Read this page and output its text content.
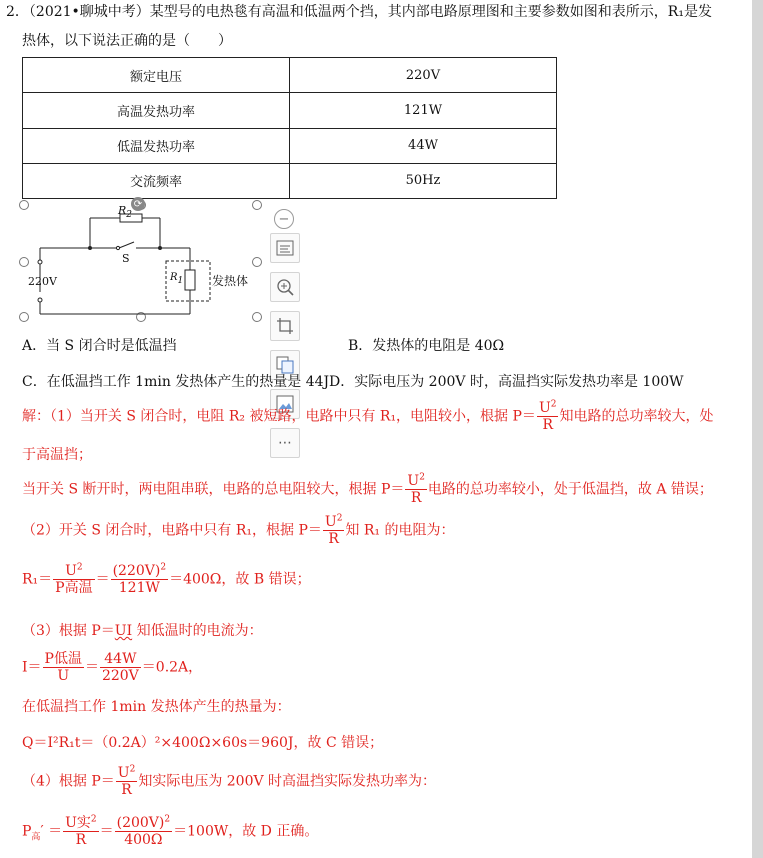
2．（2021•聊城中考）某型号的电热毯有高温和低温两个挡，其内部电路原理图和主要参数如图和表所示，R₁是发
热体，以下说法正确的是（　　）
额定电压	220V
高温发热功率	121W
低温发热功率	44W
交流频率	50Hz
⟳
$R_2$
S
220V	$R_1$ 发热体
−
⋯
A．当 S 闭合时是低温挡	B．发热体的电阻是 40Ω
C．在低温挡工作 1min 发热体产生的热量是 44J D．实际电压为 200V 时，高温挡实际发热功率是 100W
解：（1）当开关 S 闭合时，电阻 R₂ 被短路，电路中只有 R₁，电阻较小，根据 $P= \frac{U^2}{R}$ 知电路的总功率较大，处
于高温挡；
当开关 S 断开时，两电阻串联，电路的总电阻较大，根据 $P= \frac{U^2}{R}$ 电路的总功率较小，处于低温挡，故 A 错误；
（2）开关 S 闭合时，电路中只有 R₁，根据 $P= \frac{U^2}{R}$ 知 R₁ 的电阻为：
$R_1= \frac{U^2}{\text{P高温}} = \frac{(220V)^2}{121W} =400\Omega$，故 B 错误；
（3）根据 P＝UI 知低温时的电流为：
$I= \frac{\text{P低温}}{U} = \frac{44W}{220V} =0.2A$，
在低温挡工作 1min 发热体产生的热量为：
Q＝I²R₁t＝（0.2A）²×400Ω×60s＝960J，故 C 错误；
（4）根据 $P= \frac{U^2}{R}$ 知实际电压为 200V 时高温挡实际发热功率为：
$P_高' = \frac{U实^2}{R} = \frac{(200V)^2}{400\Omega} =100W$，故 D 正确。
